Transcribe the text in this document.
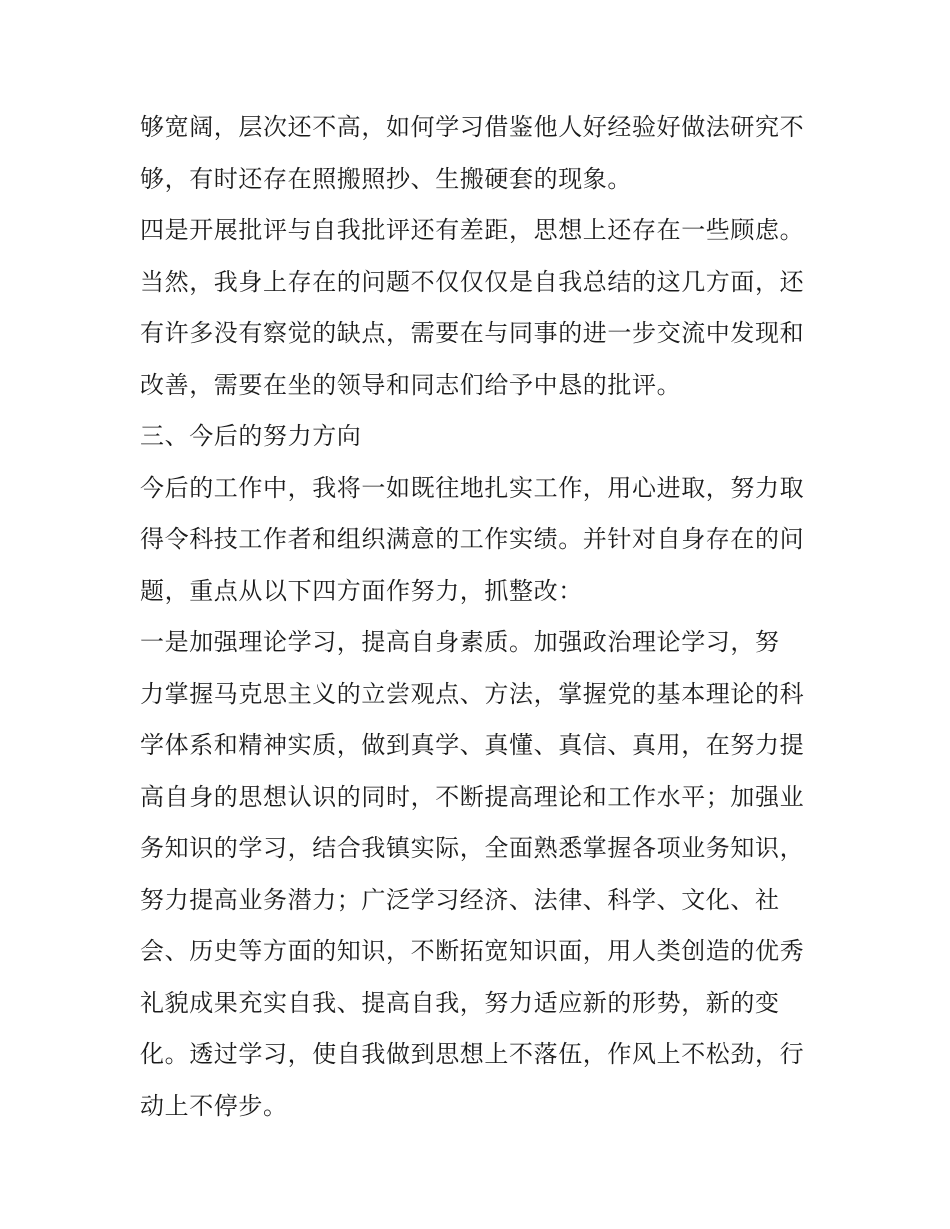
够宽阔，层次还不高，如何学习借鉴他人好经验好做法研究不
够，有时还存在照搬照抄、生搬硬套的现象。
四是开展批评与自我批评还有差距，思想上还存在一些顾虑。
当然，我身上存在的问题不仅仅仅是自我总结的这几方面，还
有许多没有察觉的缺点，需要在与同事的进一步交流中发现和
改善，需要在坐的领导和同志们给予中恳的批评。
三、今后的努力方向
今后的工作中，我将一如既往地扎实工作，用心进取，努力取
得令科技工作者和组织满意的工作实绩。并针对自身存在的问
题，重点从以下四方面作努力，抓整改：
一是加强理论学习，提高自身素质。加强政治理论学习，努
力掌握马克思主义的立尝观点、方法，掌握党的基本理论的科
学体系和精神实质，做到真学、真懂、真信、真用，在努力提
高自身的思想认识的同时，不断提高理论和工作水平；加强业
务知识的学习，结合我镇实际，全面熟悉掌握各项业务知识，
努力提高业务潜力；广泛学习经济、法律、科学、文化、社
会、历史等方面的知识，不断拓宽知识面，用人类创造的优秀
礼貌成果充实自我、提高自我，努力适应新的形势，新的变
化。透过学习，使自我做到思想上不落伍，作风上不松劲，行
动上不停步。
